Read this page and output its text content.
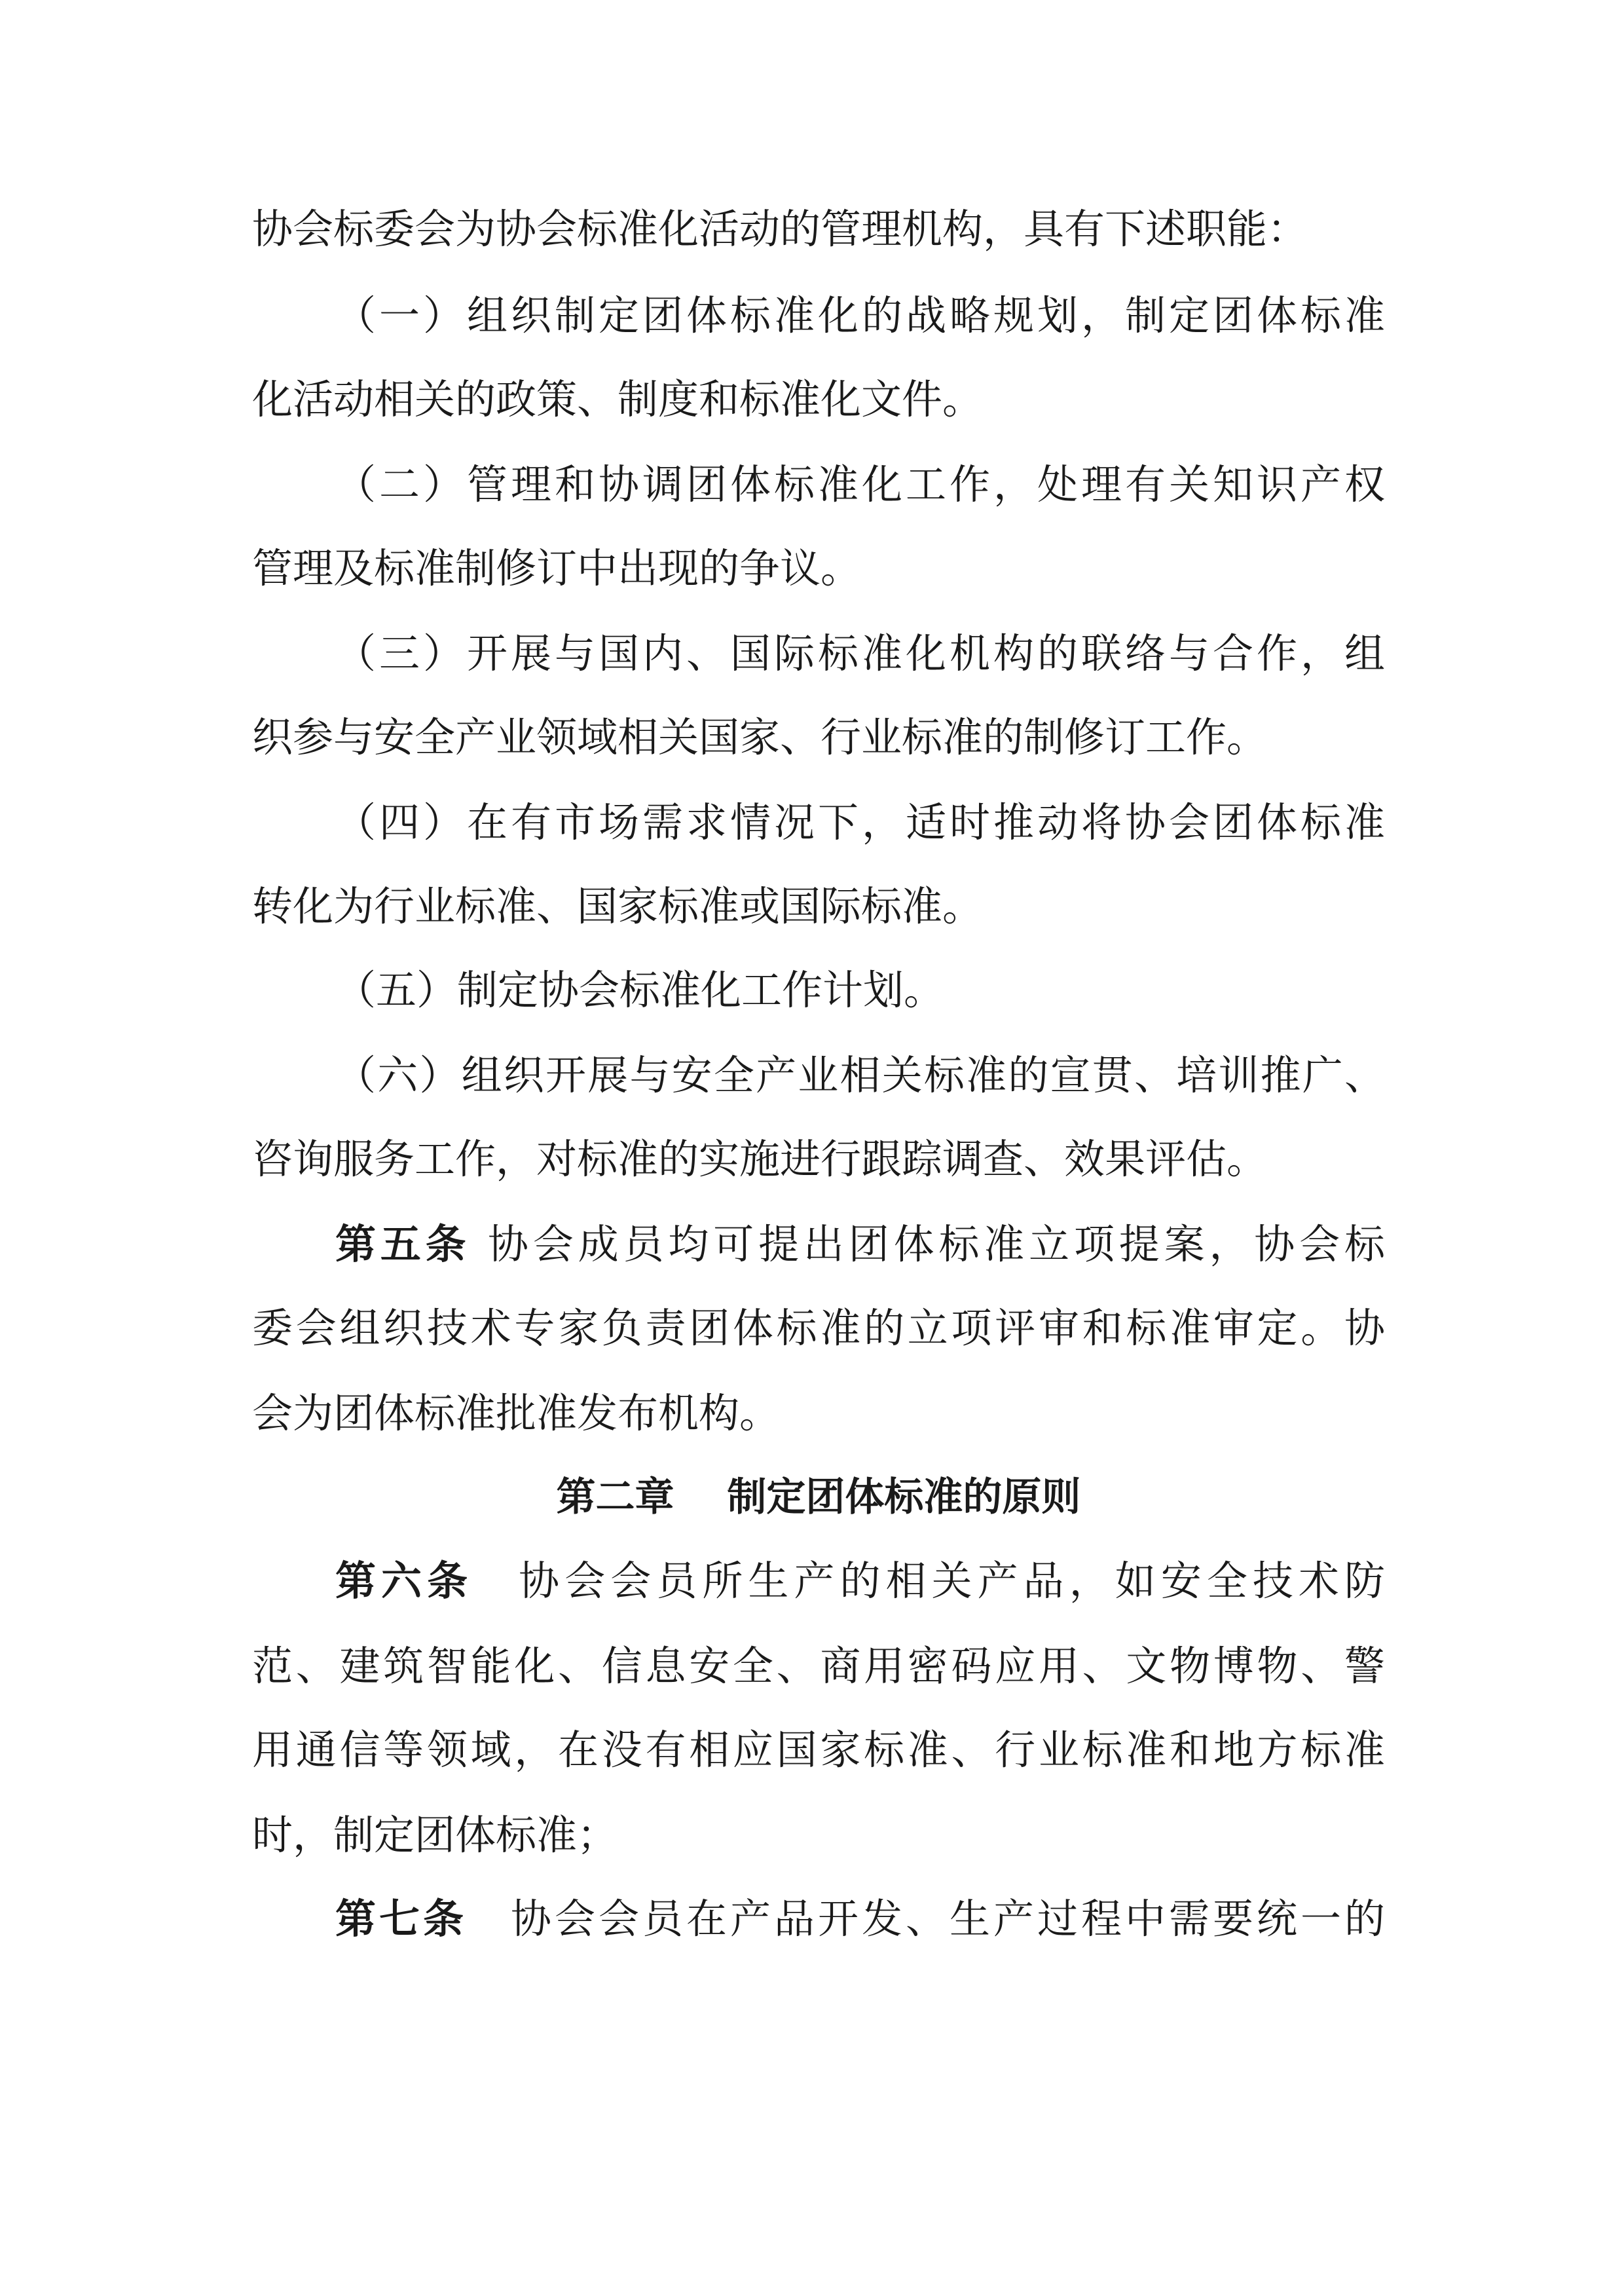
协会标委会为协会标准化活动的管理机构，具有下述职能：
（一）组织制定团体标准化的战略规划，制定团体标准
化活动相关的政策、制度和标准化文件。
（二）管理和协调团体标准化工作，处理有关知识产权
管理及标准制修订中出现的争议。
（三）开展与国内、国际标准化机构的联络与合作，组
织参与安全产业领域相关国家、行业标准的制修订工作。
（四）在有市场需求情况下，适时推动将协会团体标准
转化为行业标准、国家标准或国际标准。
（五）制定协会标准化工作计划。
（六）组织开展与安全产业相关标准的宣贯、培训推广、
咨询服务工作，对标准的实施进行跟踪调查、效果评估。
第五条 协会成员均可提出团体标准立项提案，协会标
委会组织技术专家负责团体标准的立项评审和标准审定。协
会为团体标准批准发布机构。
第二章　 制定团体标准的原则
第六条　协会会员所生产的相关产品，如安全技术防
范、建筑智能化、信息安全、商用密码应用、文物博物、警
用通信等领域，在没有相应国家标准、行业标准和地方标准
时，制定团体标准；
第七条　协会会员在产品开发、生产过程中需要统一的
